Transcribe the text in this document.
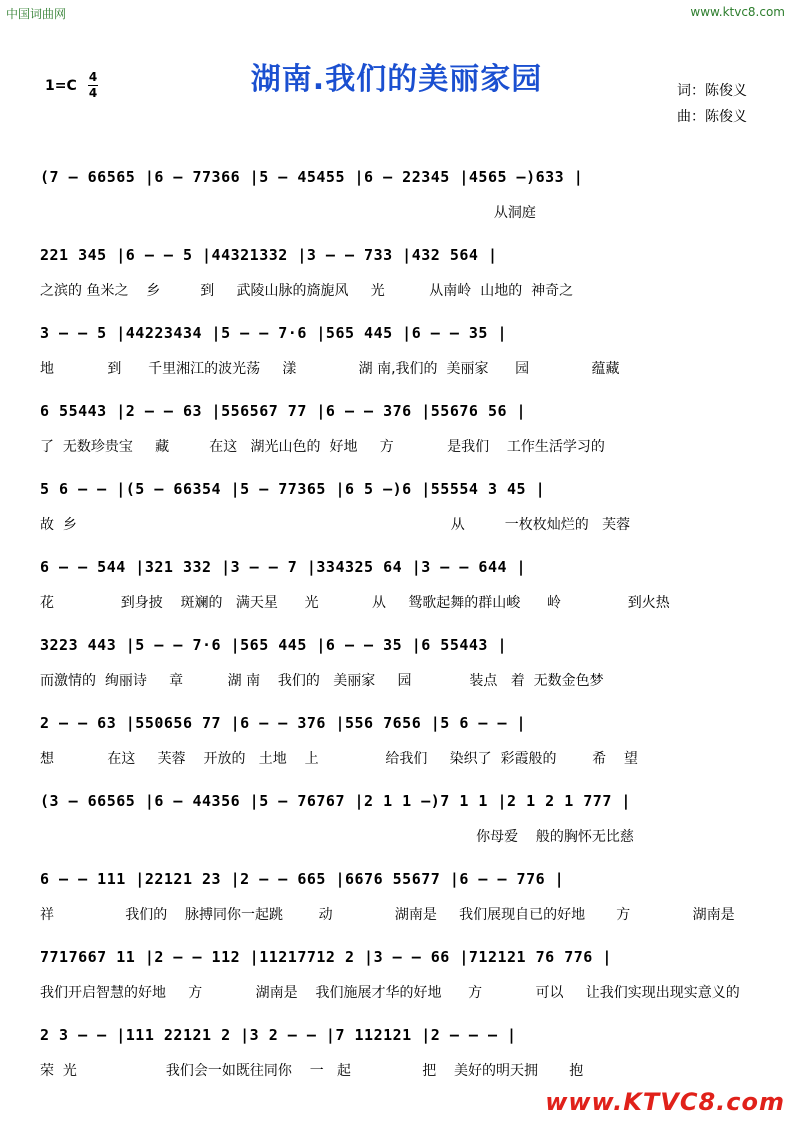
中国词曲网	www.ktvc8.com
湖南.我们的美丽家园
1=C
4
4	词：陈俊义
曲：陈俊义
(7 — 66565 |6 — 77366 |5 — 45455 |6 — 22345 |4565 —)633 |
从洞庭
221 345 |6 — — 5 |44321332 |3 — — 733 |432 564 |
之滨的 鱼米之    乡         到     武陵山脉的旖旎风     光          从南岭  山地的  神奇之
3 — — 5 |44223434 |5 — — 7·6 |565 445 |6 — — 35 |
地            到      千里湘江的波光荡     漾              湖 南,我们的  美丽家      园              蕴藏
6 55443 |2 — — 63 |556567 77 |6 — — 376 |55676 56 |
了  无数珍贵宝     藏         在这   湖光山色的  好地     方            是我们    工作生活学习的
5 6 — — |(5 — 66354 |5 — 77365 |6 5 —)6 |55554 3 45 |
故  乡                                                                                    从         一枚枚灿烂的   芙蓉
6 — — 544 |321 332 |3 — — 7 |334325 64 |3 — — 644 |
花               到身披    斑斓的   满天星      光            从     鸳歌起舞的群山峻      岭               到火热
3223 443 |5 — — 7·6 |565 445 |6 — — 35 |6 55443 |
而激情的  绚丽诗     章          湖 南    我们的   美丽家     园             装点   着  无数金色梦
2 — — 63 |550656 77 |6 — — 376 |556 7656 |5 6 — — |
想            在这     芙蓉    开放的   土地    上               给我们     染织了  彩霞般的        希    望
(3 — 66565 |6 — 44356 |5 — 76767 |2 1 1 —)7 1 1 |2 1 2 1 777 |
你母爱    般的胸怀无比慈
6 — — 111 |22121 23 |2 — — 665 |6676 55677 |6 — — 776 |
祥                我们的    脉搏同你一起跳        动              湖南是     我们展现自已的好地       方              湖南是
7717667 11 |2 — — 112 |11217712 2 |3 — — 66 |712121 76 776 |
我们开启智慧的好地     方            湖南是    我们施展才华的好地      方            可以     让我们实现出现实意义的
2 3 — — |111 22121 2 |3 2 — — |7 112121 |2 — — — |
荣  光                    我们会一如既往同你    一   起                把    美好的明天拥       抱
www.KTVC8.com
